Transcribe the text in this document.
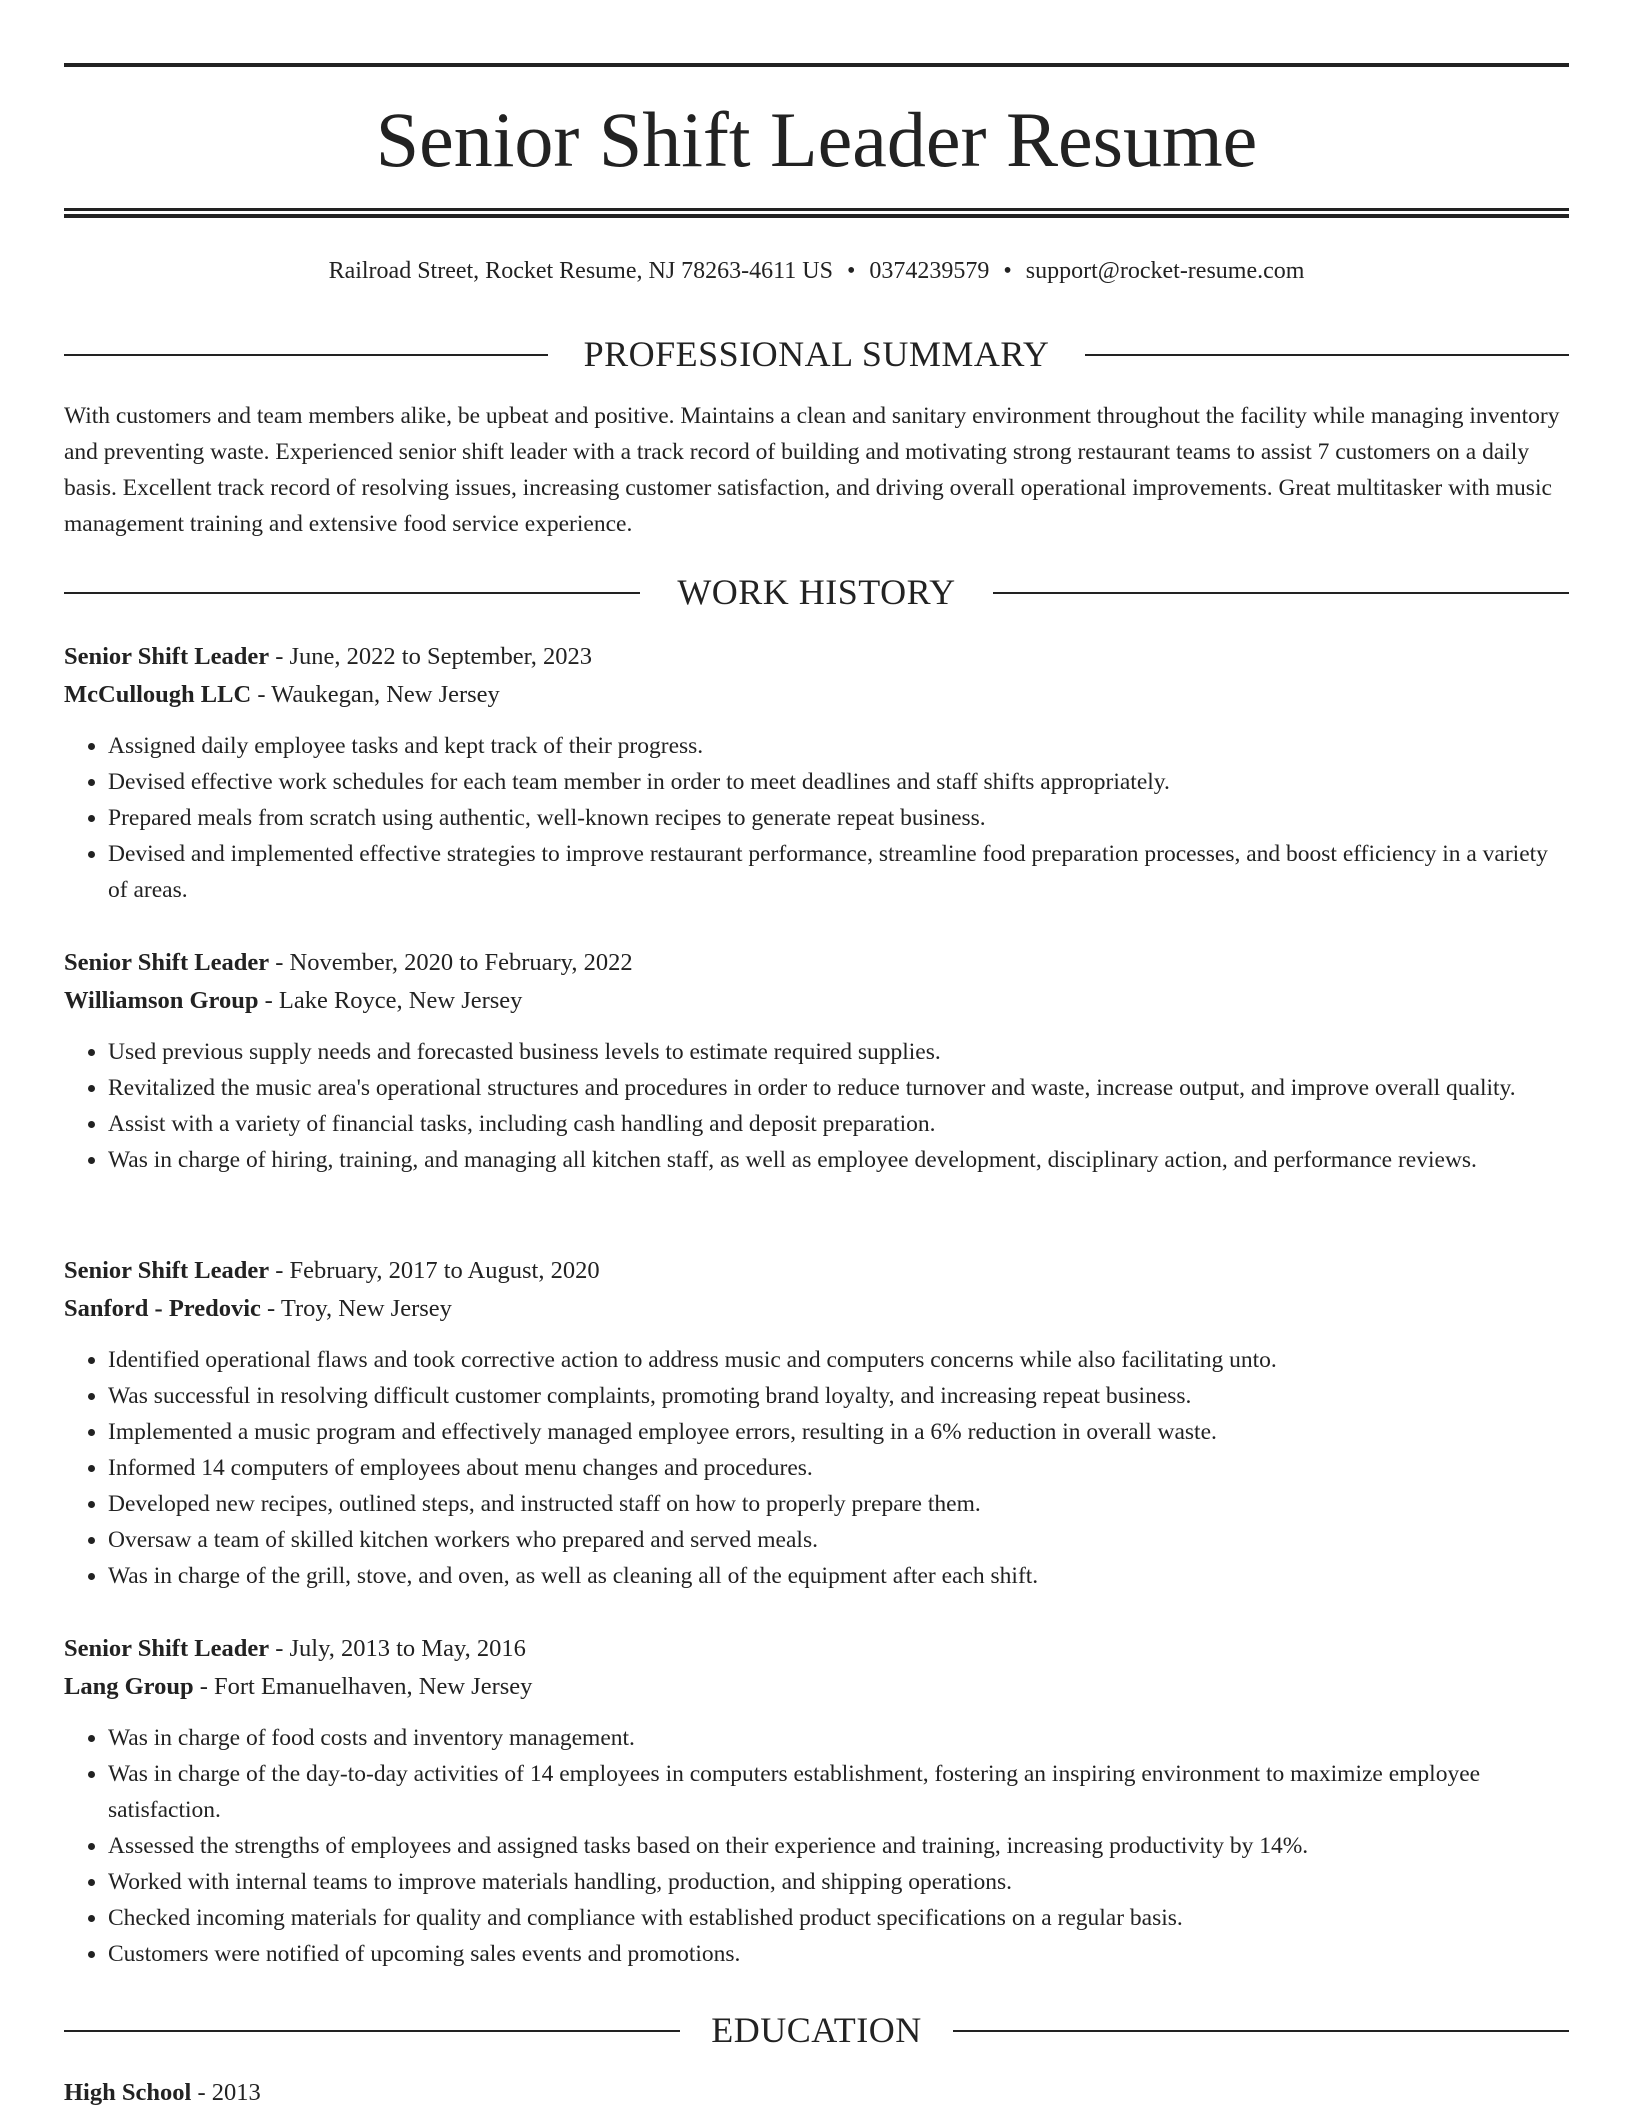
Senior Shift Leader Resume
Railroad Street, Rocket Resume, NJ 78263-4611 US • 0374239579 • support@rocket-resume.com
PROFESSIONAL SUMMARY

With customers and team members alike, be upbeat and positive. Maintains a clean and sanitary environment throughout the facility while managing inventory and preventing waste. Experienced senior shift leader with a track record of building and motivating strong restaurant teams to assist 7 customers on a daily basis. Excellent track record of resolving issues, increasing customer satisfaction, and driving overall operational improvements. Great multitasker with music management training and extensive food service experience.

WORK HISTORY
Senior Shift Leader - June, 2022 to September, 2023
McCullough LLC - Waukegan, New Jersey
• Assigned daily employee tasks and kept track of their progress.
• Devised effective work schedules for each team member in order to meet deadlines and staff shifts appropriately.
• Prepared meals from scratch using authentic, well-known recipes to generate repeat business.
• Devised and implemented effective strategies to improve restaurant performance, streamline food preparation processes, and boost efficiency in a variety of areas.
Senior Shift Leader - November, 2020 to February, 2022
Williamson Group - Lake Royce, New Jersey
• Used previous supply needs and forecasted business levels to estimate required supplies.
• Revitalized the music area's operational structures and procedures in order to reduce turnover and waste, increase output, and improve overall quality.
• Assist with a variety of financial tasks, including cash handling and deposit preparation.
• Was in charge of hiring, training, and managing all kitchen staff, as well as employee development, disciplinary action, and performance reviews.
Senior Shift Leader - February, 2017 to August, 2020
Sanford - Predovic - Troy, New Jersey
• Identified operational flaws and took corrective action to address music and computers concerns while also facilitating unto.
• Was successful in resolving difficult customer complaints, promoting brand loyalty, and increasing repeat business.
• Implemented a music program and effectively managed employee errors, resulting in a 6% reduction in overall waste.
• Informed 14 computers of employees about menu changes and procedures.
• Developed new recipes, outlined steps, and instructed staff on how to properly prepare them.
• Oversaw a team of skilled kitchen workers who prepared and served meals.
• Was in charge of the grill, stove, and oven, as well as cleaning all of the equipment after each shift.
Senior Shift Leader - July, 2013 to May, 2016
Lang Group - Fort Emanuelhaven, New Jersey
• Was in charge of food costs and inventory management.
• Was in charge of the day-to-day activities of 14 employees in computers establishment, fostering an inspiring environment to maximize employee satisfaction.
• Assessed the strengths of employees and assigned tasks based on their experience and training, increasing productivity by 14%.
• Worked with internal teams to improve materials handling, production, and shipping operations.
• Checked incoming materials for quality and compliance with established product specifications on a regular basis.
• Customers were notified of upcoming sales events and promotions.
EDUCATION
High School - 2013
